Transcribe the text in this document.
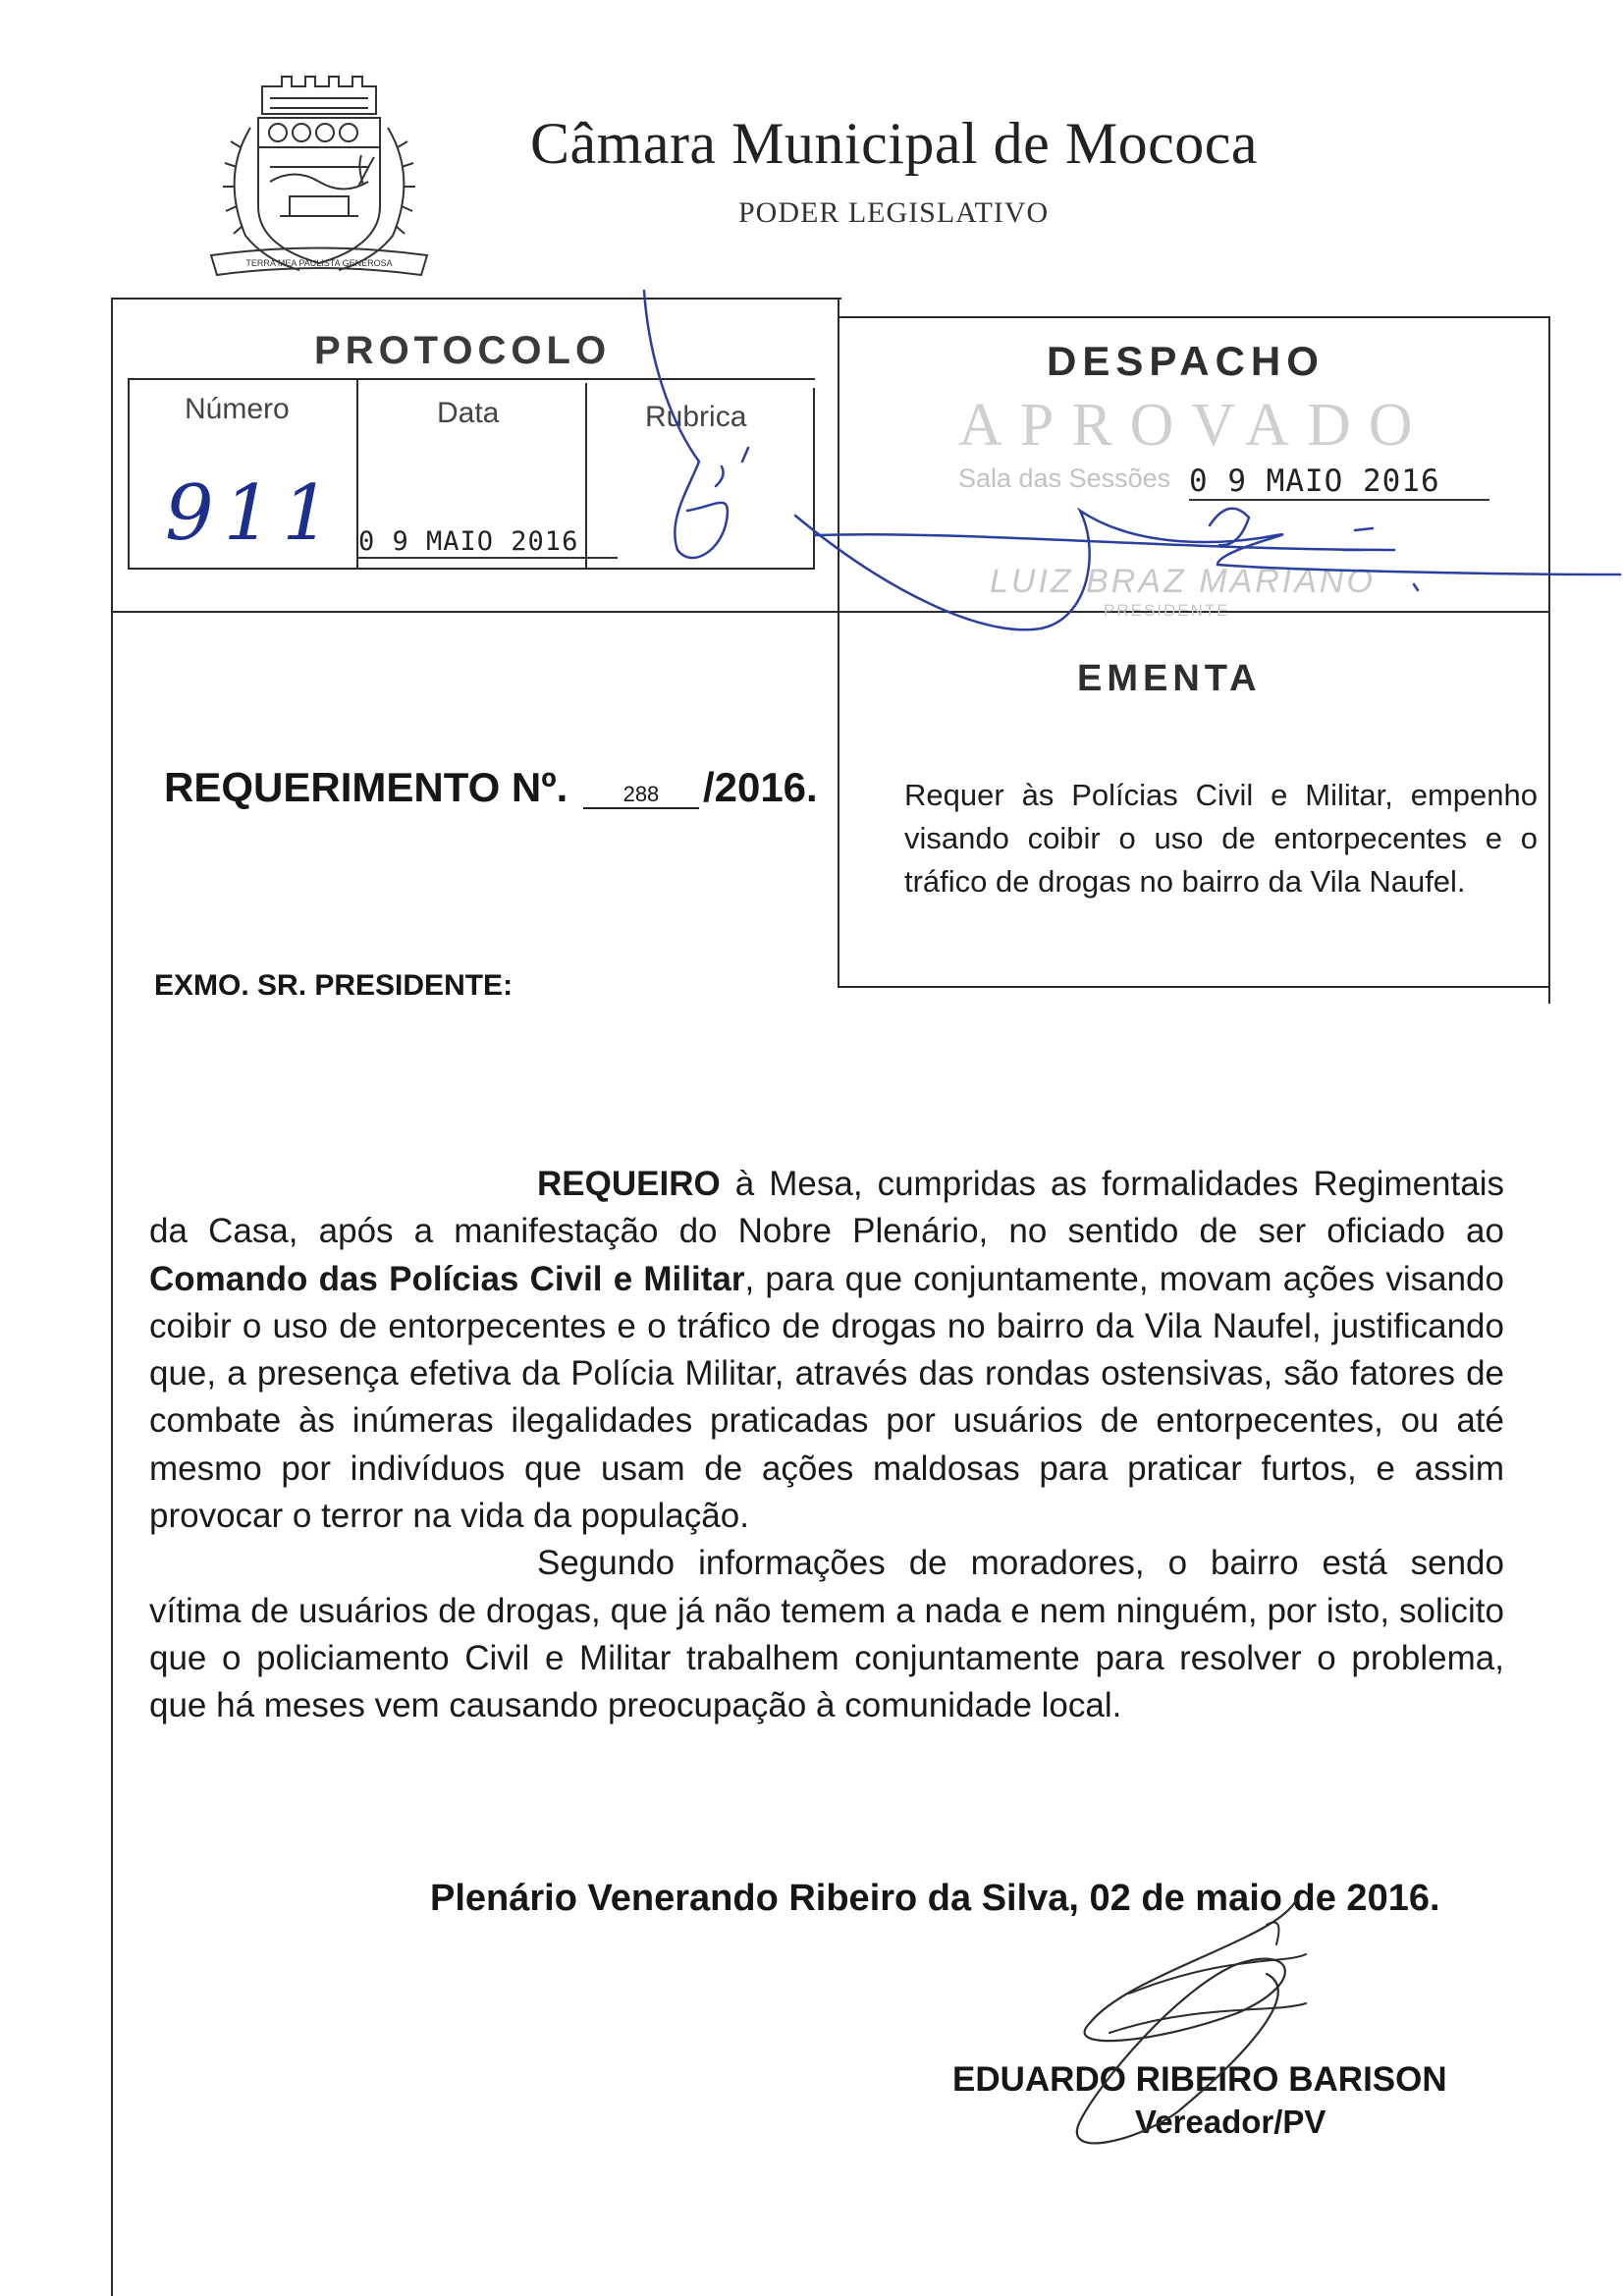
TERRA MEA PAULISTA GENEROSA
Câmara Municipal de Mococa
PODER LEGISLATIVO
PROTOCOLO
Número	Data	Rubrica
911 0 9 MAIO 2016
DESPACHO
APROVADO
Sala das Sessões 0 9 MAIO 2016
LUIZ BRAZ MARIANO
PRESIDENTE
EMENTA
Requer às Polícias Civil e Militar, empenho visando coibir o uso de entorpecentes e o tráfico de drogas no bairro da Vila Naufel.
REQUERIMENTO Nº.	288 /2016.
EXMO. SR. PRESIDENTE:

REQUEIRO à Mesa, cumpridas as formalidades Regimentais da Casa, após a manifestação do Nobre Plenário, no sentido de ser oficiado ao Comando das Polícias Civil e Militar, para que conjuntamente, movam ações visando coibir o uso de entorpecentes e o tráfico de drogas no bairro da Vila Naufel, justificando que, a presença efetiva da Polícia Militar, através das rondas ostensivas, são fatores de combate às inúmeras ilegalidades praticadas por usuários de entorpecentes, ou até mesmo por indivíduos que usam de ações maldosas para praticar furtos, e assim provocar o terror na vida da população.

Segundo informações de moradores, o bairro está sendo vítima de usuários de drogas, que já não temem a nada e nem ninguém, por isto, solicito que o policiamento Civil e Militar trabalhem conjuntamente para resolver o problema, que há meses vem causando preocupação à comunidade local.

Plenário Venerando Ribeiro da Silva, 02 de maio de 2016.
EDUARDO RIBEIRO BARISON
Vereador/PV
